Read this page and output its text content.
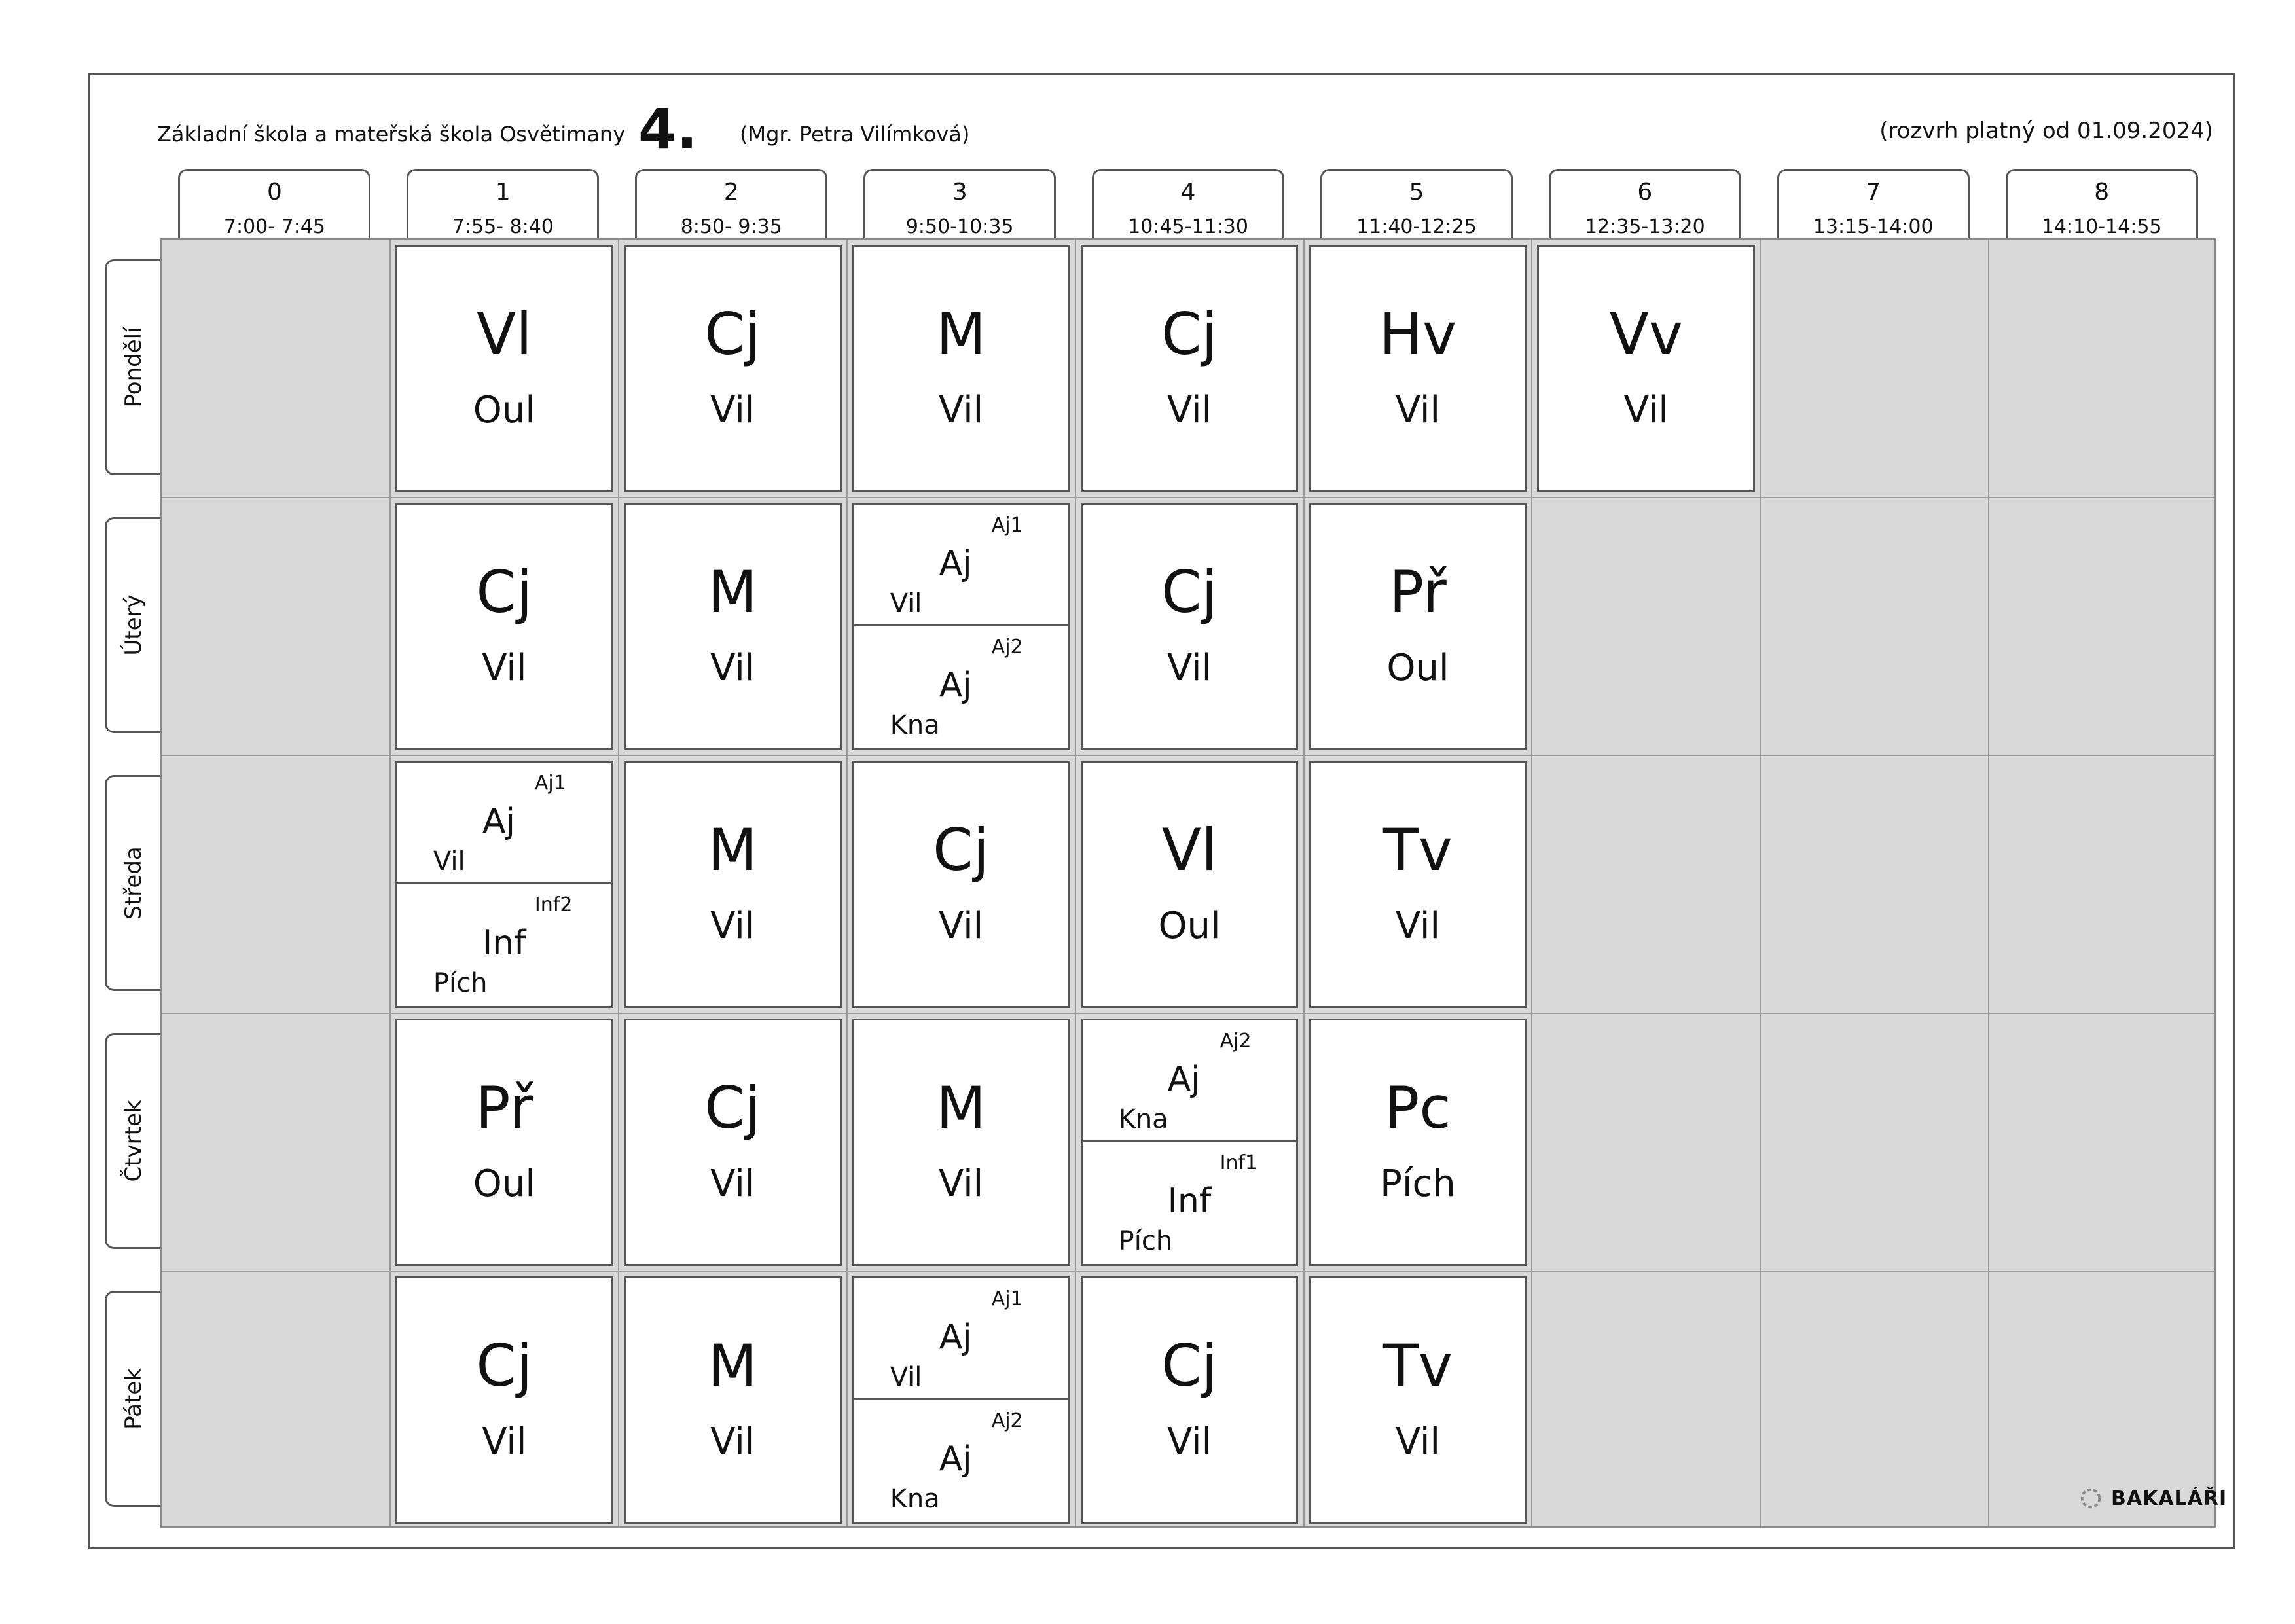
Základní škola a mateřská škola Osvětimany 4. (Mgr. Petra Vilímková)	(rozvrh platný od 01.09.2024)
0
7:00- 7:45
1
7:55- 8:40
2
8:50- 9:35
3
9:50-10:35
4
10:45-11:30
5
11:40-12:25
6
12:35-13:20
7
13:15-14:00
8
14:10-14:55
Pondělí
Úterý
Středa
Čtvrtek
Pátek
Vl
Oul
Cj
Vil
M
Vil
Cj
Vil
Hv
Vil
Vv
Vil
Cj
Vil
M
Vil
Aj1
Aj
Vil
Aj2
Aj
Kna
Cj
Vil
Př
Oul
Aj1
Aj
Vil
Inf2
Inf
Pích
M
Vil
Cj
Vil
Vl
Oul
Tv
Vil
Př
Oul
Cj
Vil
M
Vil
Aj2
Aj
Kna
Inf1
Inf
Pích
Pc
Pích
Cj
Vil
M
Vil
Aj1
Aj
Vil
Aj2
Aj
Kna
Cj
Vil
Tv
Vil
BAKALÁŘI
